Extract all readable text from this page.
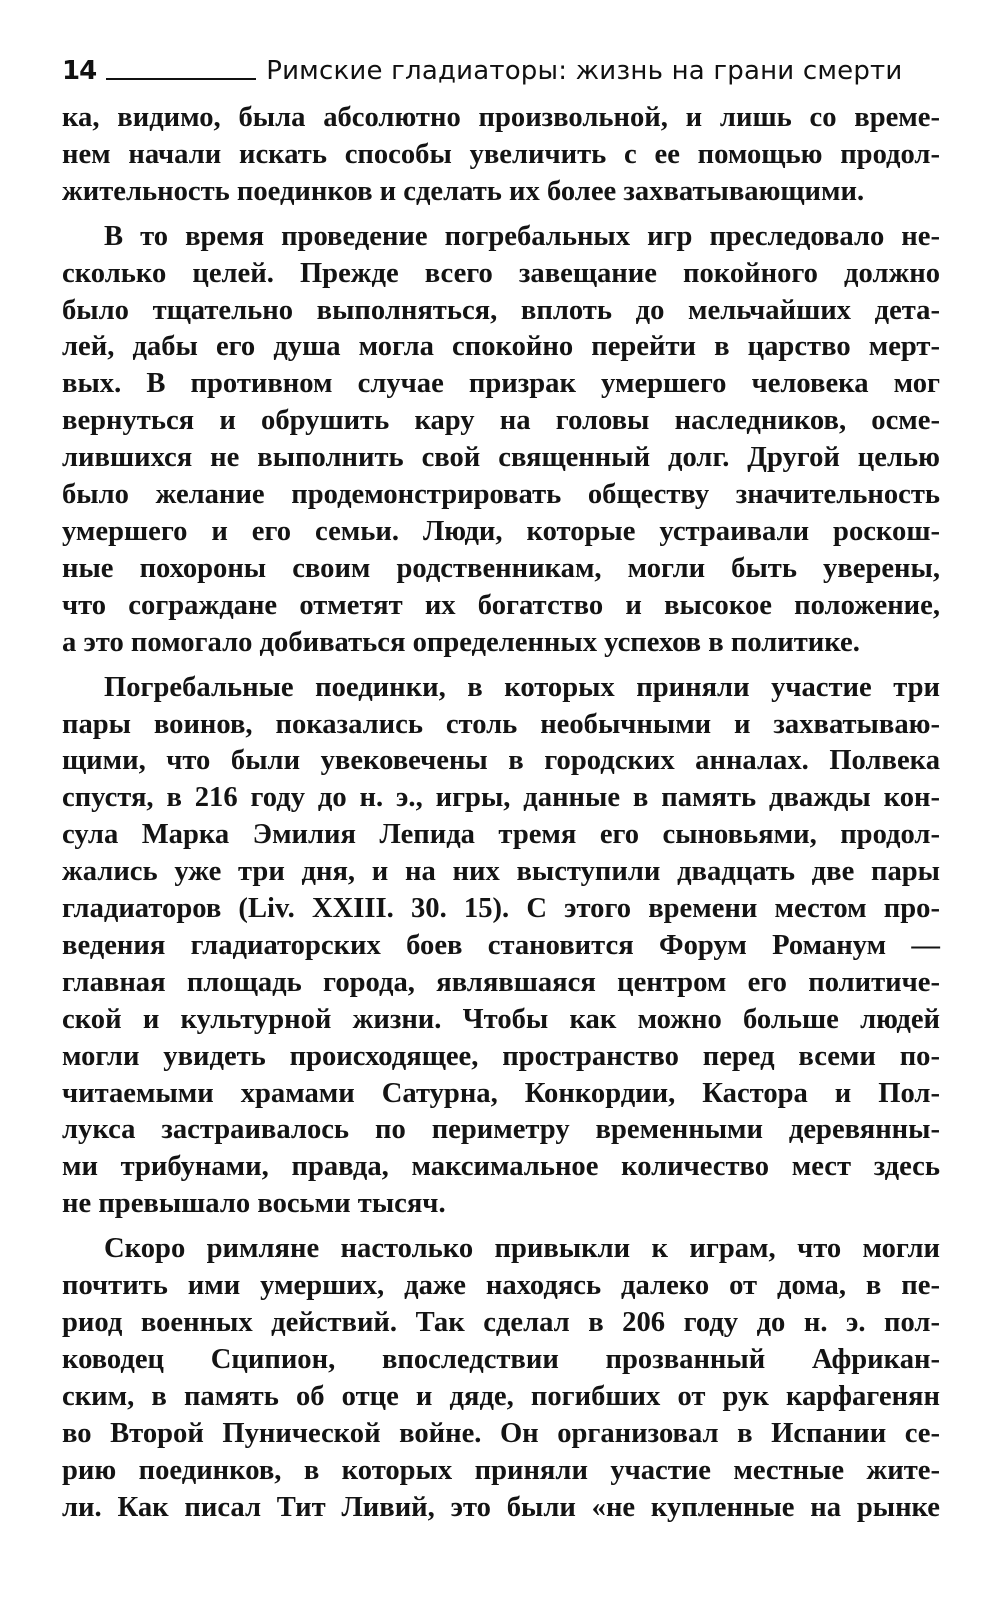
14	Римские гладиаторы: жизнь на грани смерти

ка, видимо, была абсолютно произвольной, и лишь со време-
нем начали искать способы увеличить с ее помощью продол-
жительность поединков и сделать их более захватывающими.

В то время проведение погребальных игр преследовало не-
сколько целей. Прежде всего завещание покойного должно
было тщательно выполняться, вплоть до мельчайших дета-
лей, дабы его душа могла спокойно перейти в царство мерт-
вых. В противном случае призрак умершего человека мог
вернуться и обрушить кару на головы наследников, осме-
лившихся не выполнить свой священный долг. Другой целью
было желание продемонстрировать обществу значительность
умершего и его семьи. Люди, которые устраивали роскош-
ные похороны своим родственникам, могли быть уверены,
что сограждане отметят их богатство и высокое положение,
а это помогало добиваться определенных успехов в политике.

Погребальные поединки, в которых приняли участие три
пары воинов, показались столь необычными и захватываю-
щими, что были увековечены в городских анналах. Полвека
спустя, в 216 году до н. э., игры, данные в память дважды кон-
сула Марка Эмилия Лепида тремя его сыновьями, продол-
жались уже три дня, и на них выступили двадцать две пары
гладиаторов (Liv. XXIII. 30. 15). С этого времени местом про-
ведения гладиаторских боев становится Форум Романум —
главная площадь города, являвшаяся центром его политиче-
ской и культурной жизни. Чтобы как можно больше людей
могли увидеть происходящее, пространство перед всеми по-
читаемыми храмами Сатурна, Конкордии, Кастора и Пол-
лукса застраивалось по периметру временными деревянны-
ми трибунами, правда, максимальное количество мест здесь
не превышало восьми тысяч.

Скоро римляне настолько привыкли к играм, что могли
почтить ими умерших, даже находясь далеко от дома, в пе-
риод военных действий. Так сделал в 206 году до н. э. пол-
ководец Сципион, впоследствии прозванный Африкан-
ским, в память об отце и дяде, погибших от рук карфагенян
во Второй Пунической войне. Он организовал в Испании се-
рию поединков, в которых приняли участие местные жите-
ли. Как писал Тит Ливий, это были «не купленные на рынке
